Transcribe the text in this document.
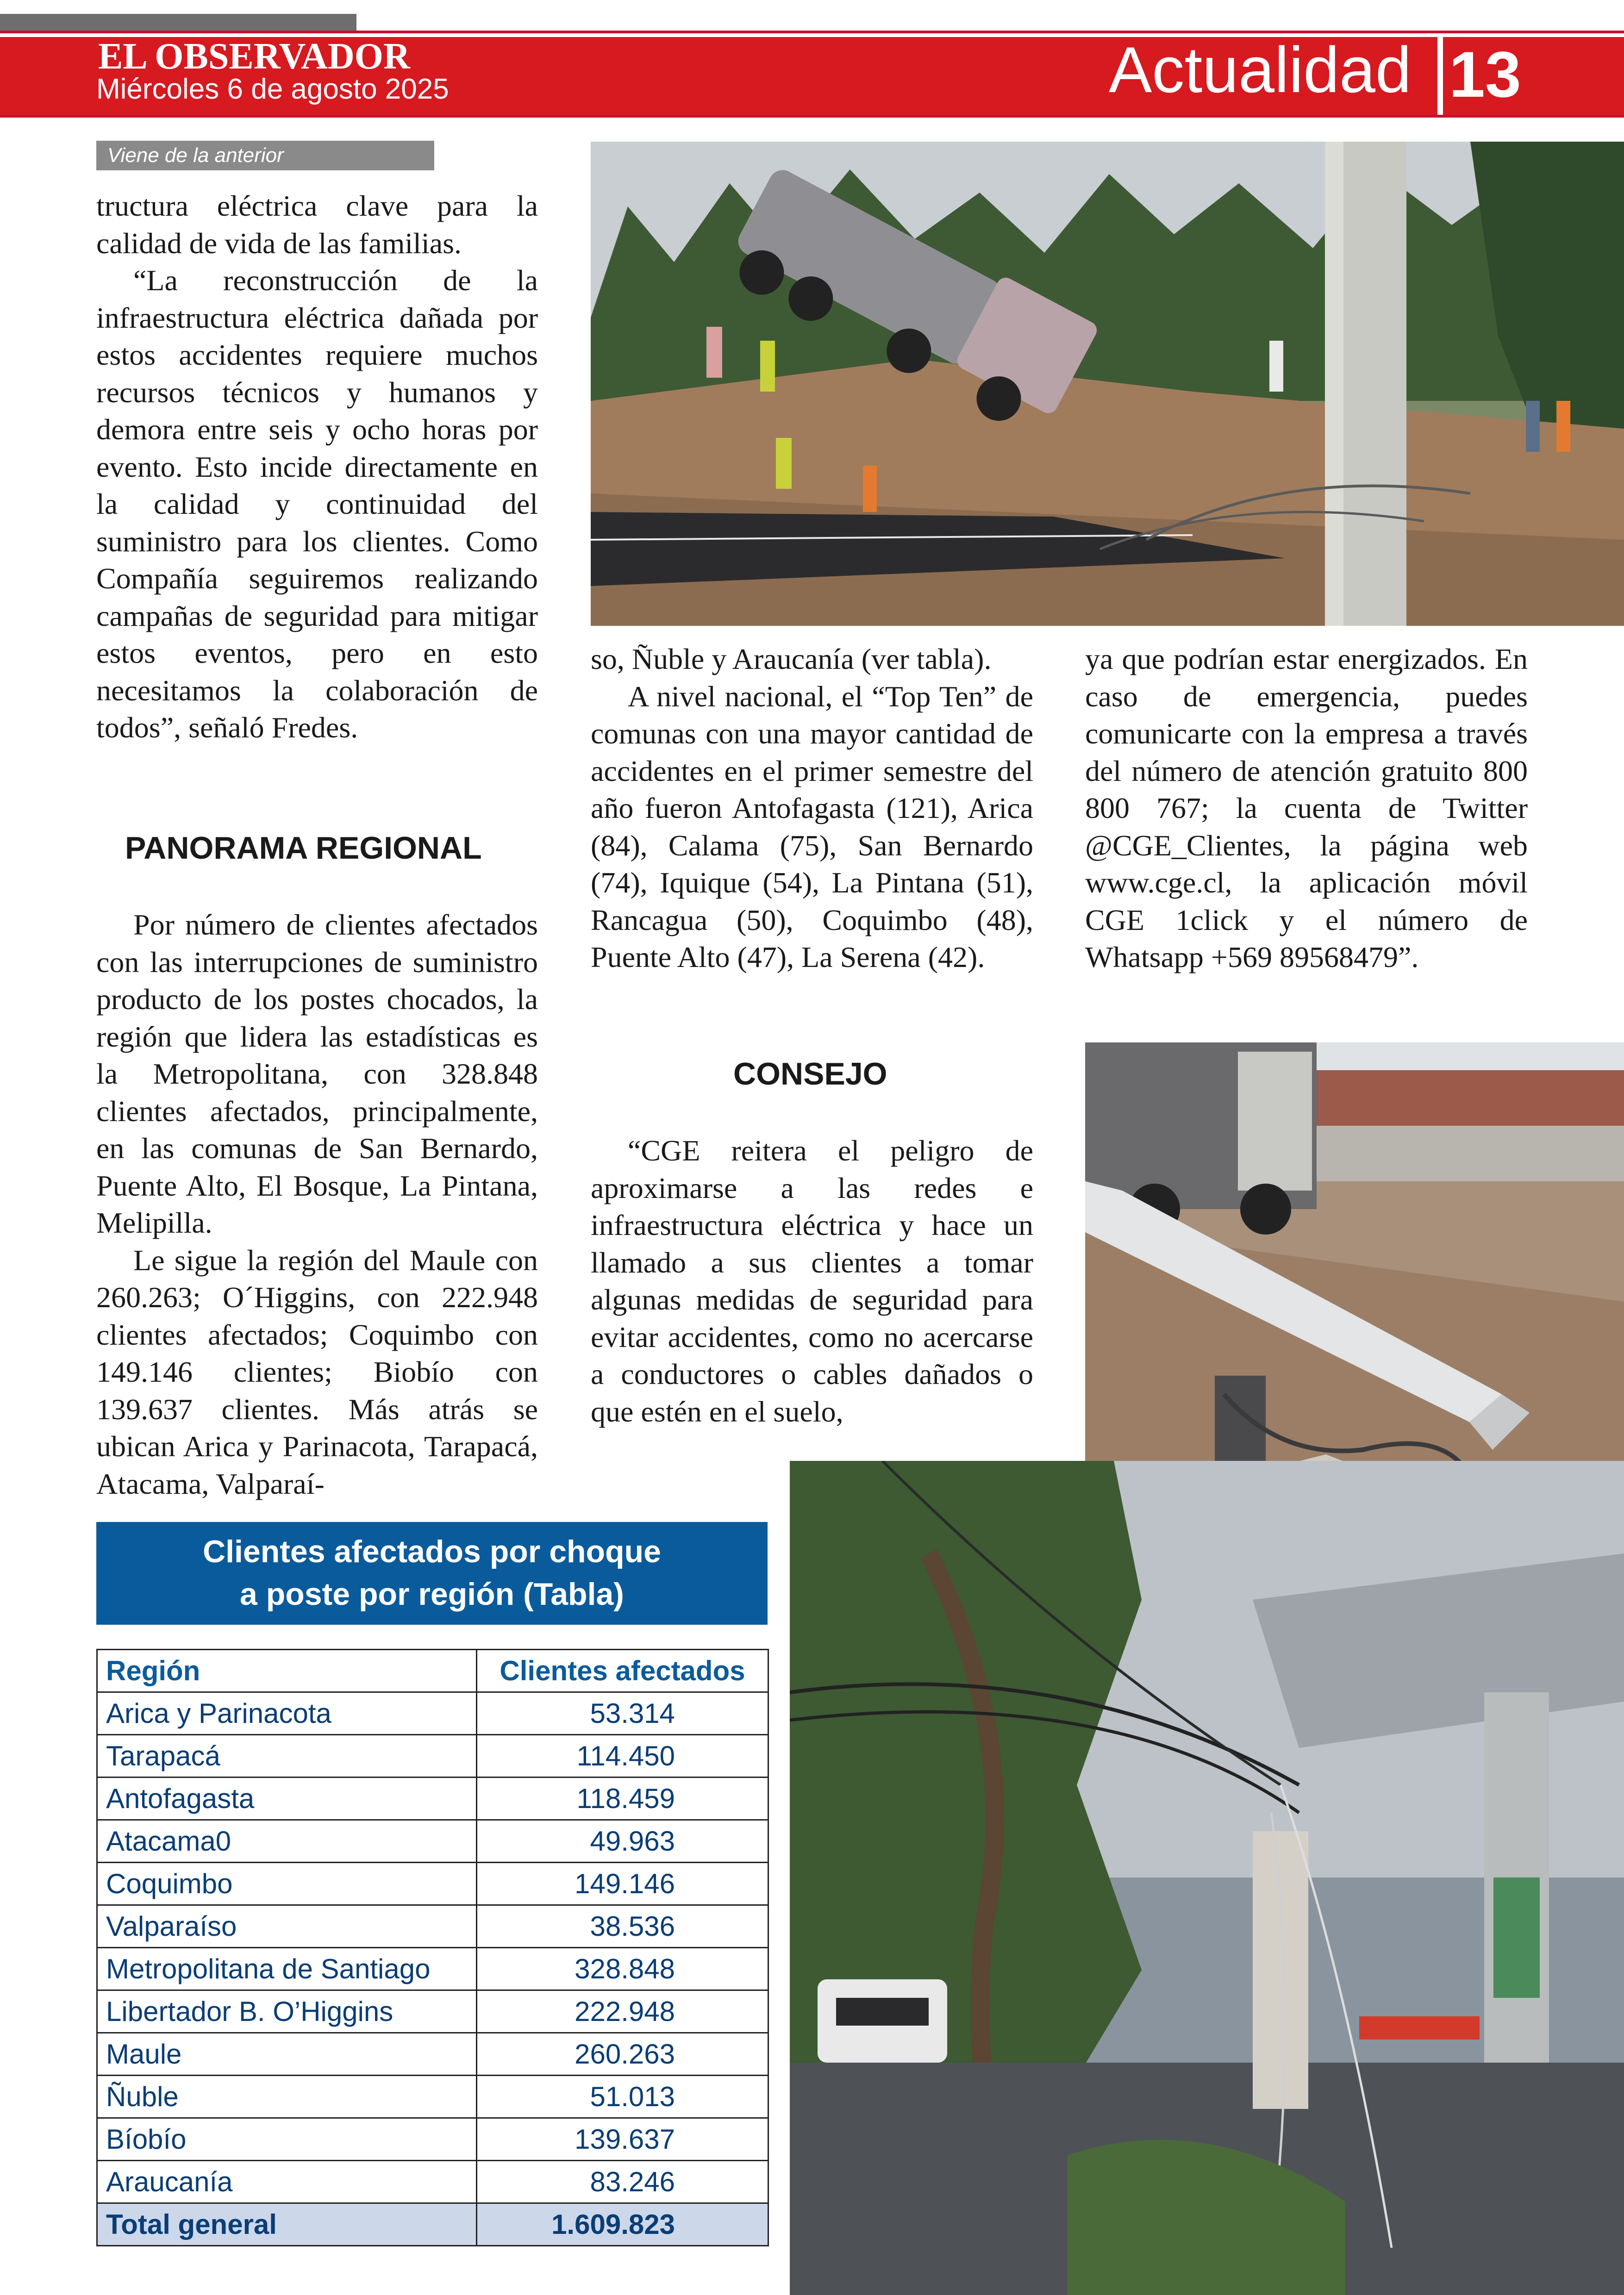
EL OBSERVADOR
Miércoles 6 de agosto 2025	Actualidad 13
Viene de la anterior

tructura eléctrica clave para la calidad de vida de las familias.

“La reconstrucción de la infraestructura eléctrica dañada por estos accidentes requiere muchos recursos técnicos y humanos y demora entre seis y ocho horas por evento. Esto incide directamente en la calidad y continuidad del suministro para los clientes. Como Compañía seguiremos realizando campañas de seguridad para mitigar estos eventos, pero en esto necesitamos la colaboración de todos”, señaló Fredes.

PANORAMA REGIONAL

Por número de clientes afectados con las interrupciones de suministro producto de los postes chocados, la región que lidera las estadísticas es la Metropolitana, con 328.848 clientes afectados, principalmente, en las comunas de San Bernardo, Puente Alto, El Bosque, La Pintana, Melipilla.

Le sigue la región del Maule con 260.263; O´Higgins, con 222.948 clientes afectados; Coquimbo con 149.146 clientes; Biobío con 139.637 clientes. Más atrás se ubican Arica y Parinacota, Tarapacá, Atacama, Valparaí-

so, Ñuble y Araucanía (ver tabla).

A nivel nacional, el “Top Ten” de comunas con una mayor cantidad de accidentes en el primer semestre del año fueron Antofagasta (121), Arica (84), Calama (75), San Bernardo (74), Iquique (54), La Pintana (51), Rancagua (50), Coquimbo (48), Puente Alto (47), La Serena (42).

CONSEJO

“CGE reitera el peligro de aproximarse a las redes e infraestructura eléctrica y hace un llamado a sus clientes a tomar algunas medidas de seguridad para evitar accidentes, como no acercarse a conductores o cables dañados o que estén en el suelo,

ya que podrían estar energizados. En caso de emergencia, puedes comunicarte con la empresa a través del número de atención gratuito 800 800 767; la cuenta de Twitter @CGE_Clientes, la página web www.cge.cl, la aplicación móvil CGE 1click y el número de Whatsapp +569 89568479”.

Clientes afectados por choque
a poste por región (Tabla)
Región	Clientes afectados
Arica y Parinacota	53.314
Tarapacá	114.450
Antofagasta	118.459
Atacama0	49.963
Coquimbo	149.146
Valparaíso	38.536
Metropolitana de Santiago	328.848
Libertador B. O’Higgins	222.948
Maule	260.263
Ñuble	51.013
Bíobío	139.637
Araucanía	83.246
Total general	1.609.823
